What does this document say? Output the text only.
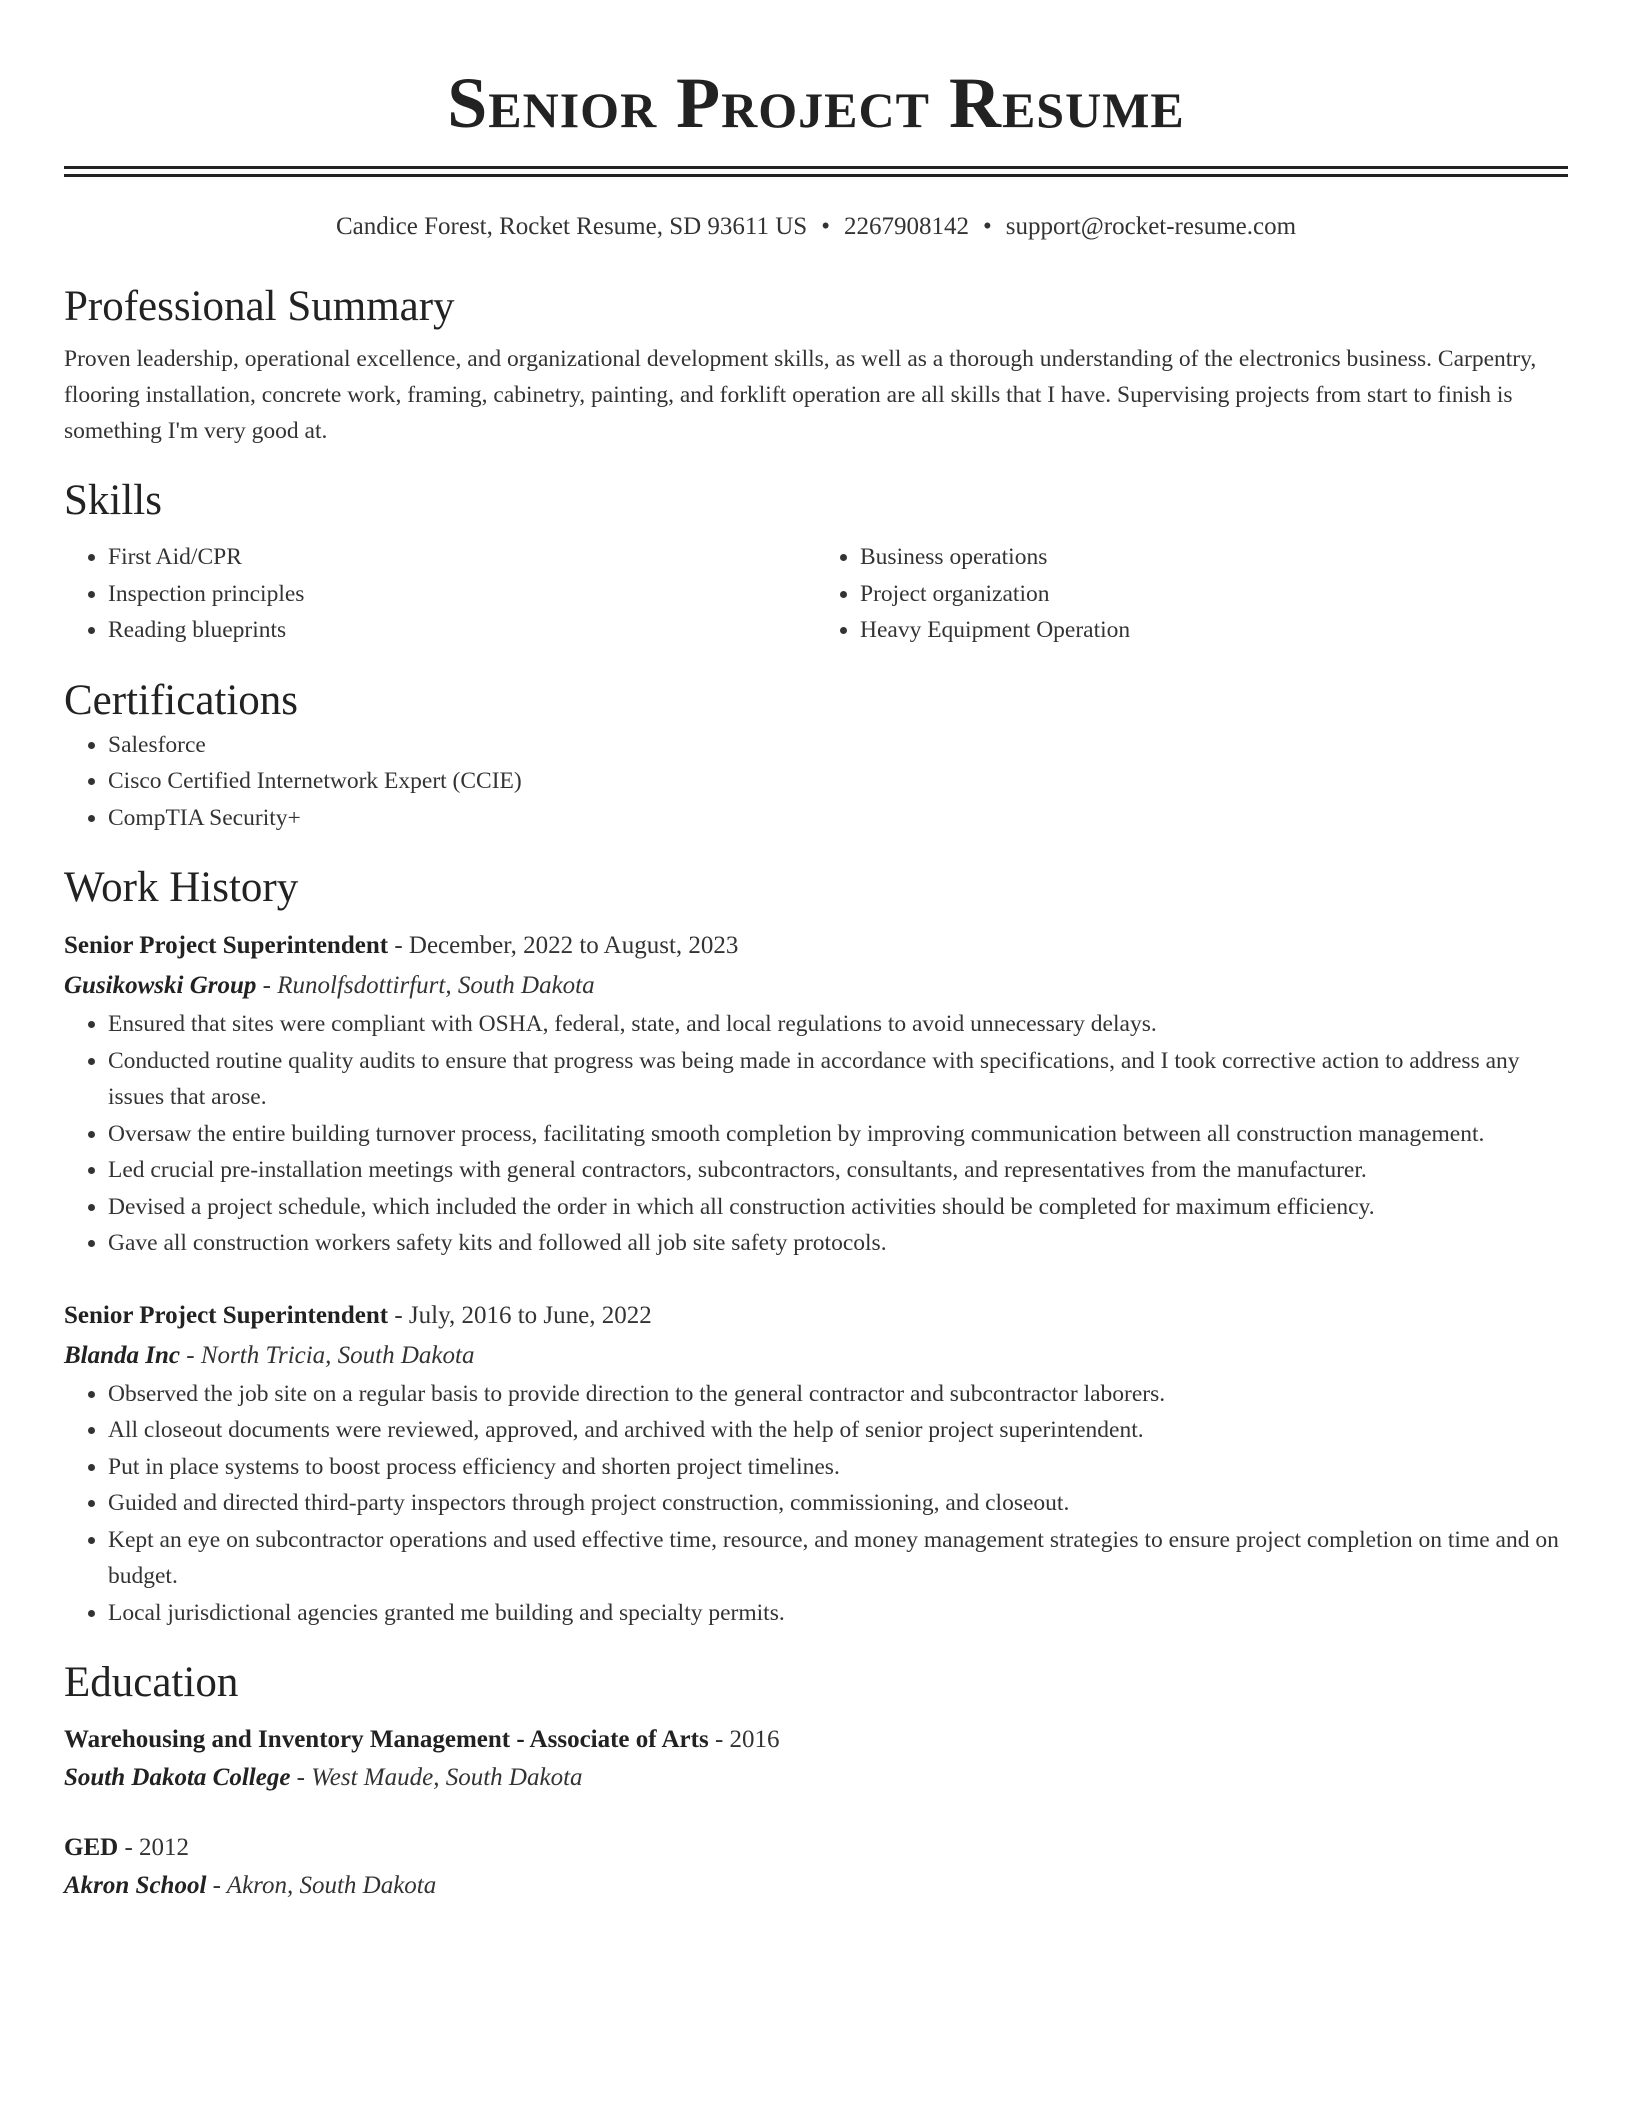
Senior Project Resume
Candice Forest, Rocket Resume, SD 93611 US • 2267908142 • support@rocket-resume.com
Professional Summary
Proven leadership, operational excellence, and organizational development skills, as well as a thorough understanding of the electronics business. Carpentry, flooring installation, concrete work, framing, cabinetry, painting, and forklift operation are all skills that I have. Supervising projects from start to finish is something I'm very good at.
Skills
• First Aid/CPR
• Inspection principles
• Reading blueprints
• Business operations
• Project organization
• Heavy Equipment Operation
Certifications
• Salesforce
• Cisco Certified Internetwork Expert (CCIE)
• CompTIA Security+
Work History
Senior Project Superintendent - December, 2022 to August, 2023
Gusikowski Group - Runolfsdottirfurt, South Dakota
• Ensured that sites were compliant with OSHA, federal, state, and local regulations to avoid unnecessary delays.
• Conducted routine quality audits to ensure that progress was being made in accordance with specifications, and I took corrective action to address any issues that arose.
• Oversaw the entire building turnover process, facilitating smooth completion by improving communication between all construction management.
• Led crucial pre-installation meetings with general contractors, subcontractors, consultants, and representatives from the manufacturer.
• Devised a project schedule, which included the order in which all construction activities should be completed for maximum efficiency.
• Gave all construction workers safety kits and followed all job site safety protocols.
Senior Project Superintendent - July, 2016 to June, 2022
Blanda Inc - North Tricia, South Dakota
• Observed the job site on a regular basis to provide direction to the general contractor and subcontractor laborers.
• All closeout documents were reviewed, approved, and archived with the help of senior project superintendent.
• Put in place systems to boost process efficiency and shorten project timelines.
• Guided and directed third-party inspectors through project construction, commissioning, and closeout.
• Kept an eye on subcontractor operations and used effective time, resource, and money management strategies to ensure project completion on time and on budget.
• Local jurisdictional agencies granted me building and specialty permits.
Education
Warehousing and Inventory Management - Associate of Arts - 2016
South Dakota College - West Maude, South Dakota
GED - 2012
Akron School - Akron, South Dakota
